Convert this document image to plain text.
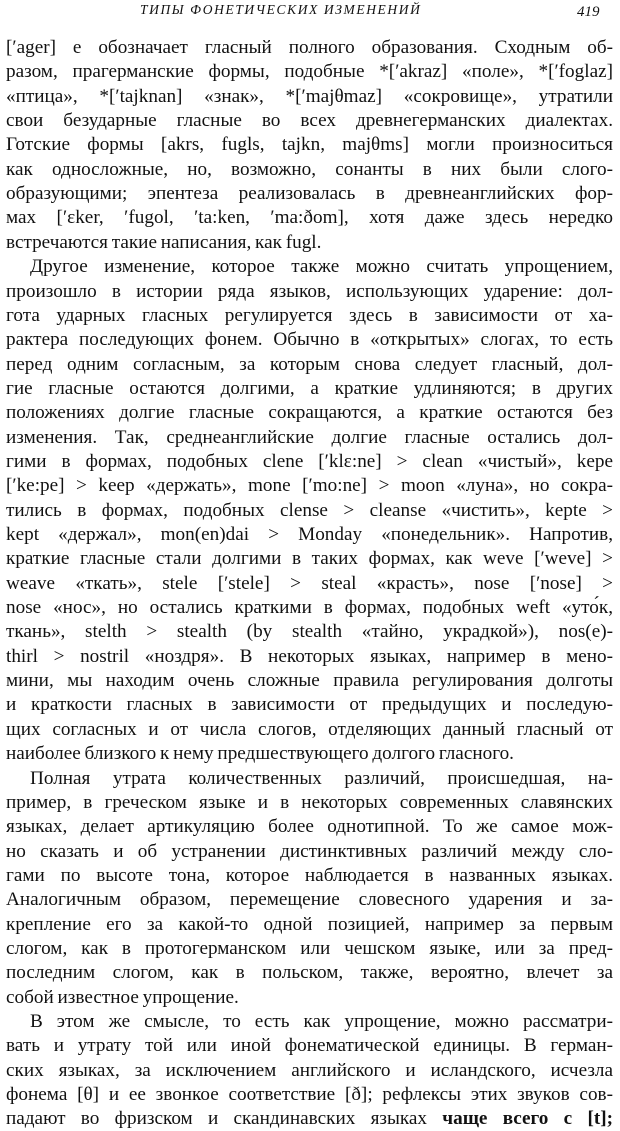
ТИПЫ ФОНЕТИЧЕСКИХ ИЗМЕНЕНИЙ	419
[′ager] е обозначает гласный полного образования. Сходным об-
разом, прагерманские формы, подобные *[′akraz] «поле», *[′foglaz]
«птица», *[′tajknan] «знак», *[′majθmaz] «сокровище», утратили
свои безударные гласные во всех древнегерманских диалектах.
Готские формы [akrs, fugls, tajkn, majθms] могли произноситься
как односложные, но, возможно, сонанты в них были слого-
образующими; эпентеза реализовалась в древнеанглийских фор-
мах [′ɛker, ′fugol, ′ta:ken, ′ma:ðom], хотя даже здесь нередко
встречаются такие написания, как fugl.
Другое изменение, которое также можно считать упрощением,
произошло в истории ряда языков, использующих ударение: дол-
гота ударных гласных регулируется здесь в зависимости от ха-
рактера последующих фонем. Обычно в «открытых» слогах, то есть
перед одним согласным, за которым снова следует гласный, дол-
гие гласные остаются долгими, а краткие удлиняются; в других
положениях долгие гласные сокращаются, а краткие остаются без
изменения. Так, среднеанглийские долгие гласные остались дол-
гими в формах, подобных clene [′klɛ:ne] > clean «чистый», kepe
[′ke:pe] > keep «держать», mone [′mo:ne] > moon «луна», но сокра-
тились в формах, подобных clense > cleanse «чистить», kepte >
kept «держал», mon(en)dai > Monday «понедельник». Напротив,
краткие гласные стали долгими в таких формах, как weve [′weve] >
weave «ткать», stele [′stele] > steal «красть», nose [′nose] >
nose «нос», но остались краткими в формах, подобных weft «уто́к,
ткань», stelth > stealth (by stealth «тайно, украдкой»), nos(e)-
thirl > nostril «ноздря». В некоторых языках, например в мено-
мини, мы находим очень сложные правила регулирования долготы
и краткости гласных в зависимости от предыдущих и последую-
щих согласных и от числа слогов, отделяющих данный гласный от
наиболее близкого к нему предшествующего долгого гласного.
Полная утрата количественных различий, происшедшая, на-
пример, в греческом языке и в некоторых современных славянских
языках, делает артикуляцию более однотипной. То же самое мож-
но сказать и об устранении дистинктивных различий между сло-
гами по высоте тона, которое наблюдается в названных языках.
Аналогичным образом, перемещение словесного ударения и за-
крепление его за какой-то одной позицией, например за первым
слогом, как в протогерманском или чешском языке, или за пред-
последним слогом, как в польском, также, вероятно, влечет за
собой известное упрощение.
В этом же смысле, то есть как упрощение, можно рассматри-
вать и утрату той или иной фонематической единицы. В герман-
ских языках, за исключением английского и исландского, исчезла
фонема [θ] и ее звонкое соответствие [ð]; рефлексы этих звуков сов-
падают во фризском и скандинавских языках чаще всего с [t];
